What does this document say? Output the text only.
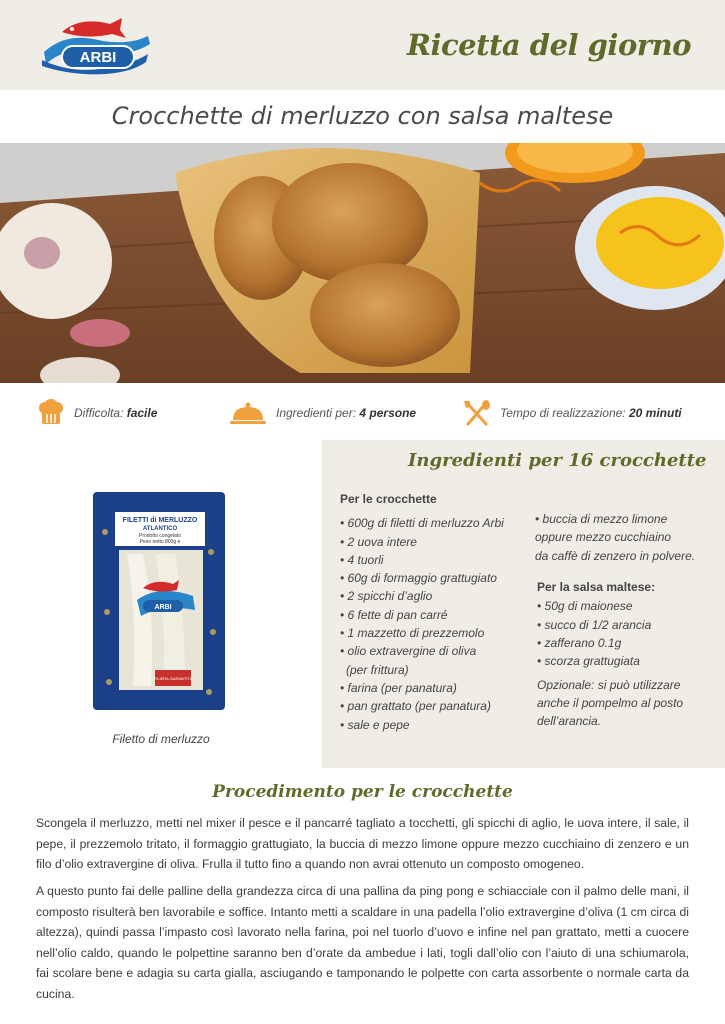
ARBI	Ricetta del giorno
Crocchette di merluzzo con salsa maltese
Difficolta:
facile	Ingredienti per:
4 persone	Tempo di realizzazione:
20 minuti
FILETTI di MERLUZZO
ATLANTICO
Prodotto congelato
Peso netto 800g e
ARBI
FILIERA GARANTITA
Filetto di merluzzo
Ingredienti per 16 crocchette
Per le crocchette
• 600g di filetti di merluzzo Arbi
• 2 uova intere
• 4 tuorli
• 60g di formaggio grattugiato
• 2 spicchi d’aglio
• 6 fette di pan carré
• 1 mazzetto di prezzemolo
• olio extravergine di oliva
(per frittura)
• farina (per panatura)
• pan grattato (per panatura)
• sale e pepe
• buccia di mezzo limone
oppure mezzo cucchiaino
da caffè di zenzero in polvere.
Per la salsa maltese:
• 50g di maionese
• succo di 1/2 arancia
• zafferano 0.1g
• scorza grattugiata
Opzionale: si può utilizzare
anche il pompelmo al posto
dell’arancia.
Procedimento per le crocchette
Scongela il merluzzo, metti nel mixer il pesce e il pancarré tagliato a tocchetti, gli spicchi di aglio, le uova intere, il sale, il pepe, il prezzemolo tritato, il formaggio grattugiato, la buccia di mezzo limone oppure mezzo cucchiaino di zenzero e un filo d’olio extravergine di oliva. Frulla il tutto fino a quando non avrai ottenuto un composto omogeneo.
A questo punto fai delle palline della grandezza circa di una pallina da ping pong e schiacciale con il palmo delle mani, il composto risulterà ben lavorabile e soffice. Intanto metti a scaldare in una padella l’olio extravergine d’oliva (1 cm circa di altezza), quindi passa l’impasto così lavorato nella farina, poi nel tuorlo d’uovo e infine nel pan grattato, metti a cuocere nell’olio caldo, quando le polpettine saranno ben d’orate da ambedue i lati, togli dall’olio con l’aiuto di una schiumarola, fai scolare bene e adagia su carta gialla, asciugando e tamponando le polpette con carta assorbente o normale carta da cucina.
